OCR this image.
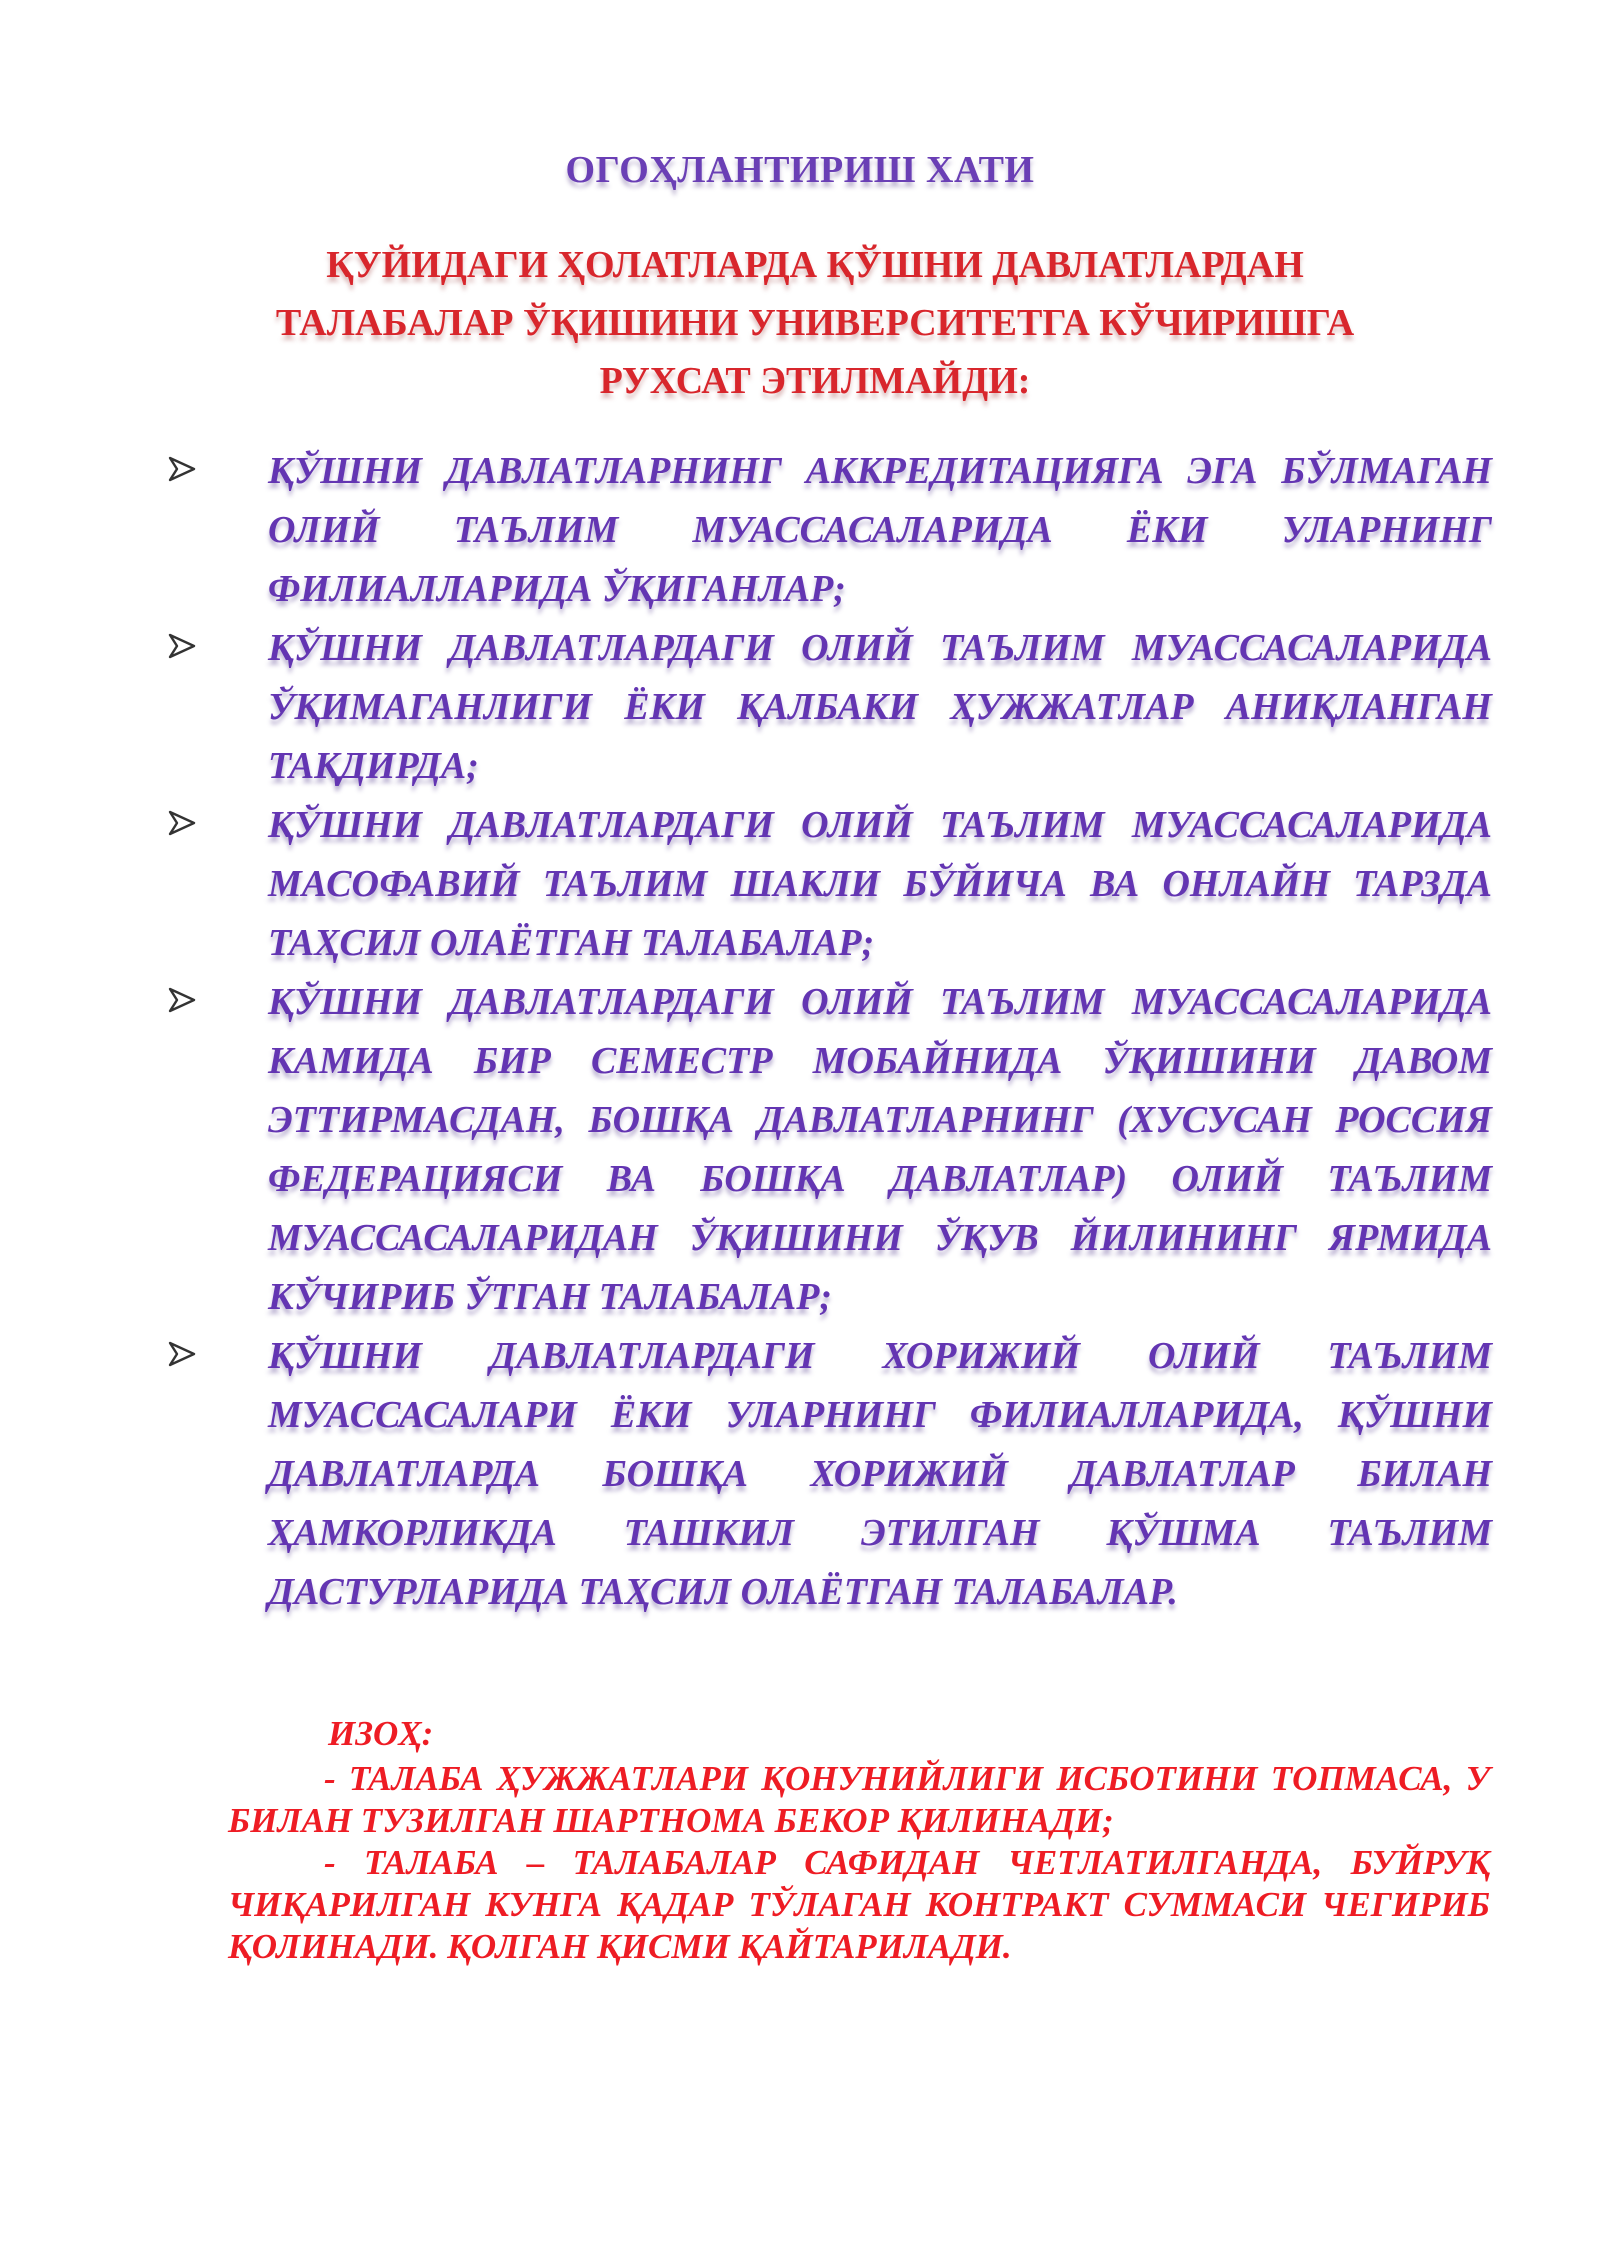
ОГОҲЛАНТИРИШ ХАТИ
ҚУЙИДАГИ ҲОЛАТЛАРДА ҚЎШНИ ДАВЛАТЛАРДАН ТАЛАБАЛАР ЎҚИШИНИ УНИВЕРСИТЕТГА КЎЧИРИШГА РУХСАТ ЭТИЛМАЙДИ:
ҚЎШНИ ДАВЛАТЛАРНИНГ АККРЕДИТАЦИЯГА ЭГА БЎЛМАГАН ОЛИЙ ТАЪЛИМ МУАССАСАЛАРИДА ЁКИ УЛАРНИНГ ФИЛИАЛЛАРИДА ЎҚИГАНЛАР;
ҚЎШНИ ДАВЛАТЛАРДАГИ ОЛИЙ ТАЪЛИМ МУАССАСАЛАРИДА ЎҚИМАГАНЛИГИ ЁКИ ҚАЛБАКИ ҲУЖЖАТЛАР АНИҚЛАНГАН ТАҚДИРДА;
ҚЎШНИ ДАВЛАТЛАРДАГИ ОЛИЙ ТАЪЛИМ МУАССАСАЛАРИДА МАСОФАВИЙ ТАЪЛИМ ШАКЛИ БЎЙИЧА ВА ОНЛАЙН ТАРЗДА ТАҲСИЛ ОЛАЁТГАН ТАЛАБАЛАР;
ҚЎШНИ ДАВЛАТЛАРДАГИ ОЛИЙ ТАЪЛИМ МУАССАСАЛАРИДА КАМИДА БИР СЕМЕСТР МОБАЙНИДА ЎҚИШИНИ ДАВОМ ЭТТИРМАСДАН, БОШҚА ДАВЛАТЛАРНИНГ (ХУСУСАН РОССИЯ ФЕДЕРАЦИЯСИ ВА БОШҚА ДАВЛАТЛАР) ОЛИЙ ТАЪЛИМ МУАССАСАЛАРИДАН ЎҚИШИНИ ЎҚУВ ЙИЛИНИНГ ЯРМИДА КЎЧИРИБ ЎТГАН ТАЛАБАЛАР;
ҚЎШНИ ДАВЛАТЛАРДАГИ ХОРИЖИЙ ОЛИЙ ТАЪЛИМ МУАССАСАЛАРИ ЁКИ УЛАРНИНГ ФИЛИАЛЛАРИДА, ҚЎШНИ ДАВЛАТЛАРДА БОШҚА ХОРИЖИЙ ДАВЛАТЛАР БИЛАН ҲАМКОРЛИКДА ТАШКИЛ ЭТИЛГАН ҚЎШМА ТАЪЛИМ ДАСТУРЛАРИДА ТАҲСИЛ ОЛАЁТГАН ТАЛАБАЛАР.
ИЗОҲ:

- ТАЛАБА ҲУЖЖАТЛАРИ ҚОНУНИЙЛИГИ ИСБОТИНИ ТОПМАСА, У БИЛАН ТУЗИЛГАН ШАРТНОМА БЕКОР ҚИЛИНАДИ;

- ТАЛАБА – ТАЛАБАЛАР САФИДАН ЧЕТЛАТИЛГАНДА, БУЙРУҚ ЧИҚАРИЛГАН КУНГА ҚАДАР ТЎЛАГАН КОНТРАКТ СУММАСИ ЧЕГИРИБ ҚОЛИНАДИ. ҚОЛГАН ҚИСМИ ҚАЙТАРИЛАДИ.
